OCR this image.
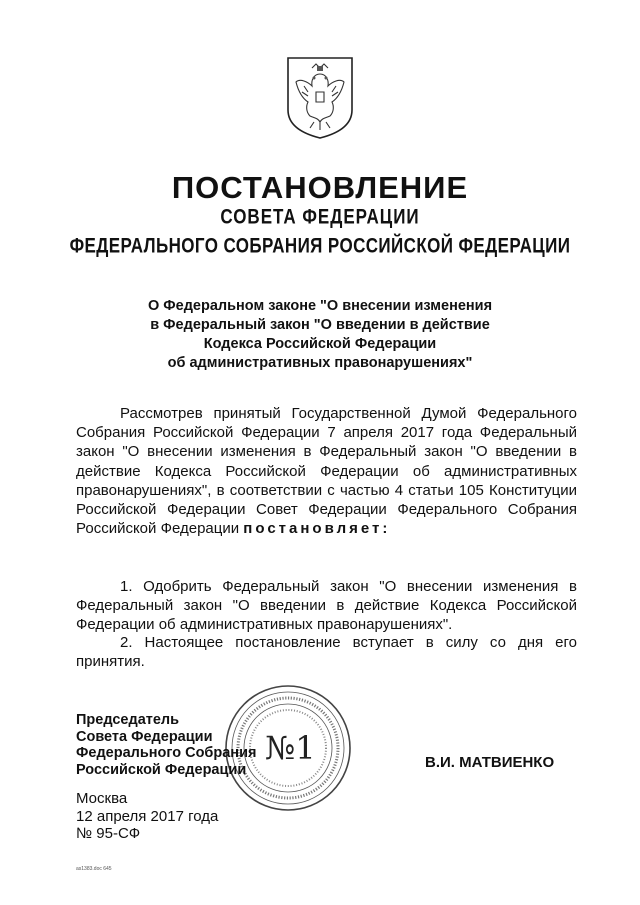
ПОСТАНОВЛЕНИЕ
СОВЕТА ФЕДЕРАЦИИ
ФЕДЕРАЛЬНОГО СОБРАНИЯ РОССИЙСКОЙ ФЕДЕРАЦИИ
О Федеральном законе "О внесении изменения
в Федеральный закон "О введении в действие
Кодекса Российской Федерации
об административных правонарушениях"
Рассмотрев принятый Государственной Думой Федерального Собрания Российской Федерации 7 апреля 2017 года Федеральный закон "О внесении изменения в Федеральный закон "О введении в действие Кодекса Российской Федерации об административных правонарушениях", в соответствии с частью 4 статьи 105 Конституции Российской Федерации Совет Федерации Федерального Собрания Российской Федерации постановляет:
1. Одобрить Федеральный закон "О внесении изменения в Федеральный закон "О введении в действие Кодекса Российской Федерации об административных правонарушениях".
2. Настоящее постановление вступает в силу со дня его принятия.
№1
Председатель
Совета Федерации
Федерального Собрания
Российской Федерации	В.И. МАТВИЕНКО
Москва
12 апреля 2017 года
№ 95-СФ
as1383.doc 645
